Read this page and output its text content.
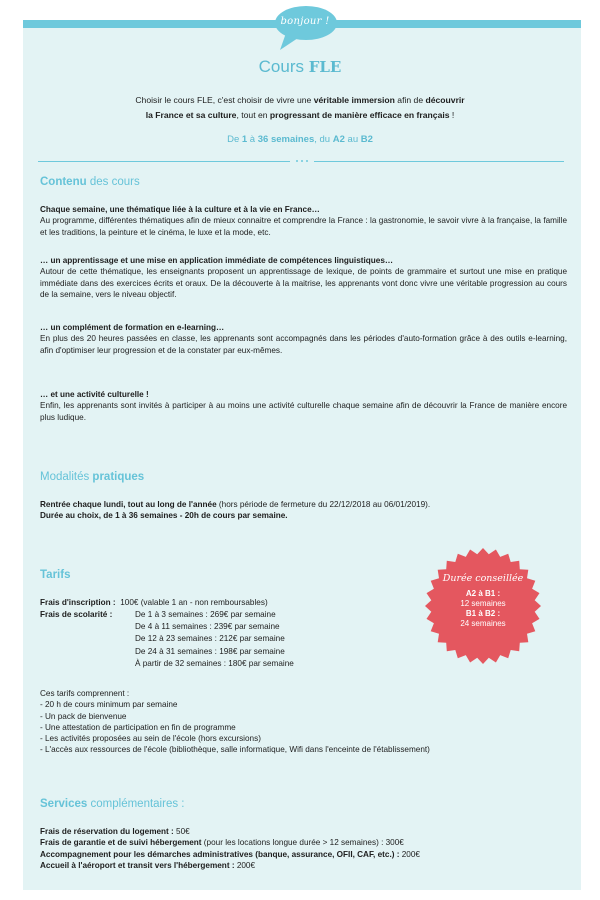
bonjour !
Cours FLE
Choisir le cours FLE, c'est choisir de vivre une véritable immersion afin de découvrir
la France et sa culture, tout en progressant de manière efficace en français !
De 1 à 36 semaines, du A2 au B2
Contenu des cours
Chaque semaine, une thématique liée à la culture et à la vie en France…
Au programme, différentes thématiques afin de mieux connaitre et comprendre la France : la gastronomie, le savoir vivre à la française, la famille et les traditions, la peinture et le cinéma, le luxe et la mode, etc.
… un apprentissage et une mise en application immédiate de compétences linguistiques…
Autour de cette thématique, les enseignants proposent un apprentissage de lexique, de points de grammaire et surtout une mise en pratique immédiate dans des exercices écrits et oraux. De la découverte à la maitrise, les apprenants vont donc vivre une véritable progression au cours de la semaine, vers le niveau objectif.
… un complément de formation en e-learning…
En plus des 20 heures passées en classe, les apprenants sont accompagnés dans les périodes d'auto-formation grâce à des outils e-learning, afin d'optimiser leur progression et de la constater par eux-mêmes.
… et une activité culturelle !
Enfin, les apprenants sont invités à participer à au moins une activité culturelle chaque semaine afin de découvrir la France de manière encore plus ludique.
Modalités pratiques
Rentrée chaque lundi, tout au long de l'année (hors période de fermeture du 22/12/2018 au 06/01/2019).
Durée au choix, de 1 à 36 semaines - 20h de cours par semaine.
Tarifs
Frais d'inscription : 100€ (valable 1 an - non remboursables)
Frais de scolarité :	De 1 à 3 semaines : 269€ par semaine
De 4 à 11 semaines : 239€ par semaine
De 12 à 23 semaines : 212€ par semaine
De 24 à 31 semaines : 198€ par semaine
À partir de 32 semaines : 180€ par semaine
Ces tarifs comprennent :
- 20 h de cours minimum par semaine
- Un pack de bienvenue
- Une attestation de participation en fin de programme
- Les activités proposées au sein de l'école (hors excursions)
- L'accès aux ressources de l'école (bibliothèque, salle informatique, Wifi dans l'enceinte de l'établissement)
Durée conseillée
A2 à B1 :
12 semaines
B1 à B2 :
24 semaines
Services complémentaires :
Frais de réservation du logement : 50€
Frais de garantie et de suivi hébergement (pour les locations longue durée > 12 semaines) : 300€
Accompagnement pour les démarches administratives (banque, assurance, OFII, CAF, etc.) : 200€
Accueil à l'aéroport et transit vers l'hébergement : 200€
